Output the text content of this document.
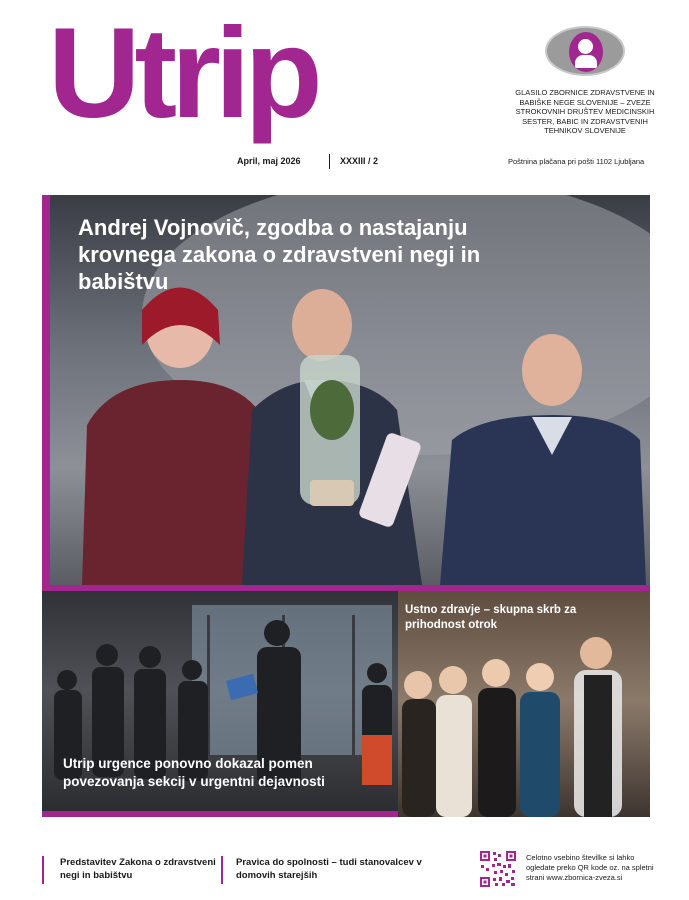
Utrip
April, maj 2026	XXXIII / 2
GLASILO ZBORNICE ZDRAVSTVENE IN BABIŠKE NEGE SLOVENIJE – ZVEZE STROKOVNIH DRUŠTEV MEDICINSKIH SESTER, BABIC IN ZDRAVSTVENIH TEHNIKOV SLOVENIJE
Poštnina plačana pri pošti 1102 Ljubljana
Andrej Vojnovič, zgodba o nastajanju krovnega zakona o zdravstveni negi in babištvu
Utrip urgence ponovno dokazal pomen povezovanja sekcij v urgentni dejavnosti
Ustno zdravje – skupna skrb za prihodnost otrok
Predstavitev Zakona o zdravstveni negi in babištvu
Pravica do spolnosti – tudi stanovalcev v domovih starejših
Celotno vsebino številke si lahko ogledate preko QR kode oz. na spletni strani www.zbornica-zveza.si
